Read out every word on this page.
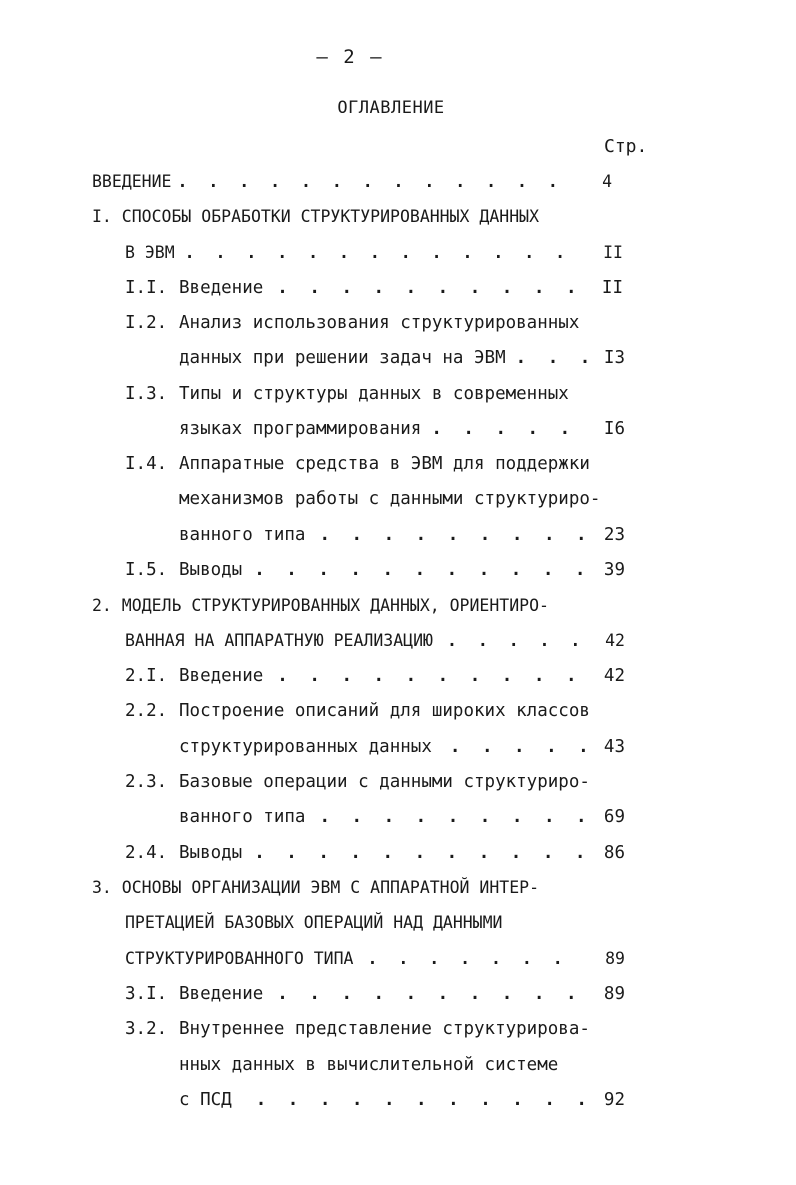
– 2 –
ОГЛАВЛЕНИЕ
Стр.
ВВЕДЕНИЕ . . . . . . . . . . . . . 4
I. СПОСОБЫ ОБРАБОТКИ СТРУКТУРИРОВАННЫХ ДАННЫХ
В ЭВМ . . . . . . . . . . . . . II
I.I. Введение . . . . . . . . . . II
I.2. Анализ использования структурированных
данных при решении задач на ЭВМ . . . I3
I.3. Типы и структуры данных в современных
языках программирования . . . . . I6
I.4. Аппаратные средства в ЭВМ для поддержки
механизмов работы с данными структуриро-
ванного типа . . . . . . . . . 23
I.5. Выводы . . . . . . . . . . . 39
2. МОДЕЛЬ СТРУКТУРИРОВАННЫХ ДАННЫХ, ОРИЕНТИРО-
ВАННАЯ НА АППАРАТНУЮ РЕАЛИЗАЦИЮ . . . . . 42
2.I. Введение . . . . . . . . . . 42
2.2. Построение описаний для широких классов
структурированных данных . . . . . 43
2.3. Базовые операции с данными структуриро-
ванного типа . . . . . . . . . 69
2.4. Выводы . . . . . . . . . . . 86
3. ОСНОВЫ ОРГАНИЗАЦИИ ЭВМ С АППАРАТНОЙ ИНТЕР-
ПРЕТАЦИЕЙ БАЗОВЫХ ОПЕРАЦИЙ НАД ДАННЫМИ
СТРУКТУРИРОВАННОГО ТИПА . . . . . . . 89
3.I. Введение . . . . . . . . . . 89
3.2. Внутреннее представление структурирова-
нных данных в вычислительной системе
с ПСД . . . . . . . . . . . 92
